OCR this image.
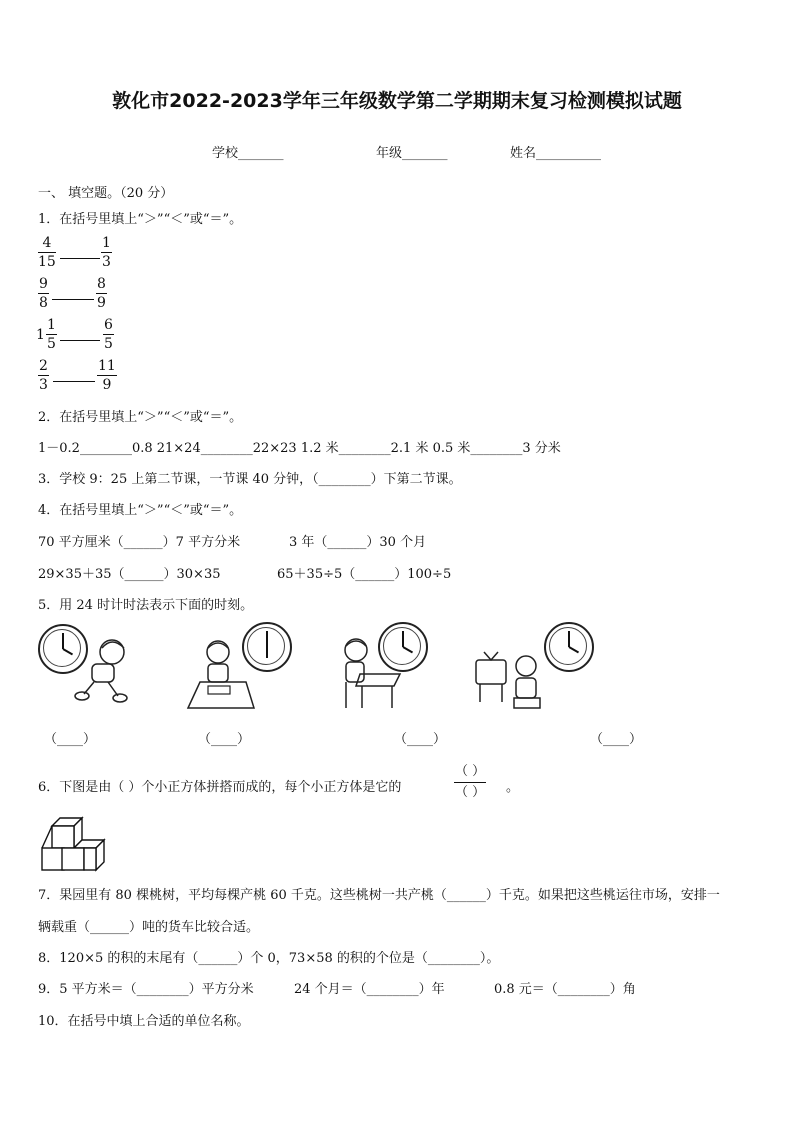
敦化市2022-2023学年三年级数学第二学期期末复习检测模拟试题
学校_______	年级_______	姓名__________
一、 填空题。（20 分）
1．在括号里填上“＞”“＜”或“＝”。
$\frac{4}{15}$	$\frac{1}{3}$
$\frac{9}{8}$	$\frac{8}{9}$
$1 \frac{1}{5}$	$\frac{6}{5}$
$\frac{2}{3}$	$\frac{11}{9}$
2．在括号里填上“＞”“＜”或“＝”。
1－0.2________0.8 21×24________22×23 1.2 米________2.1 米 0.5 米________3 分米
3．学校 9：25 上第二节课，一节课 40 分钟，（________）下第二节课。
4．在括号里填上“＞”“＜”或“＝”。
70 平方厘米（______）7 平方分米	3 年（______）30 个月
29×35＋35（______）30×35	65＋35÷5（______）100÷5
5．用 24 时计时法表示下面的时刻。
（____）	（____）	（____）	（____）
6．下图是由（ ）个小正方体拼搭而成的，每个小正方体是它的
（ ）
（ ） 。
7．果园里有 80 棵桃树，平均每棵产桃 60 千克。这些桃树一共产桃（______）千克。如果把这些桃运往市场，安排一
辆载重（______）吨的货车比较合适。
8．120×5 的积的末尾有（______）个 0，73×58 的积的个位是（________）。
9．5 平方米＝（________）平方分米	24 个月＝（________）年	0.8 元＝（________）角
10．在括号中填上合适的单位名称。
